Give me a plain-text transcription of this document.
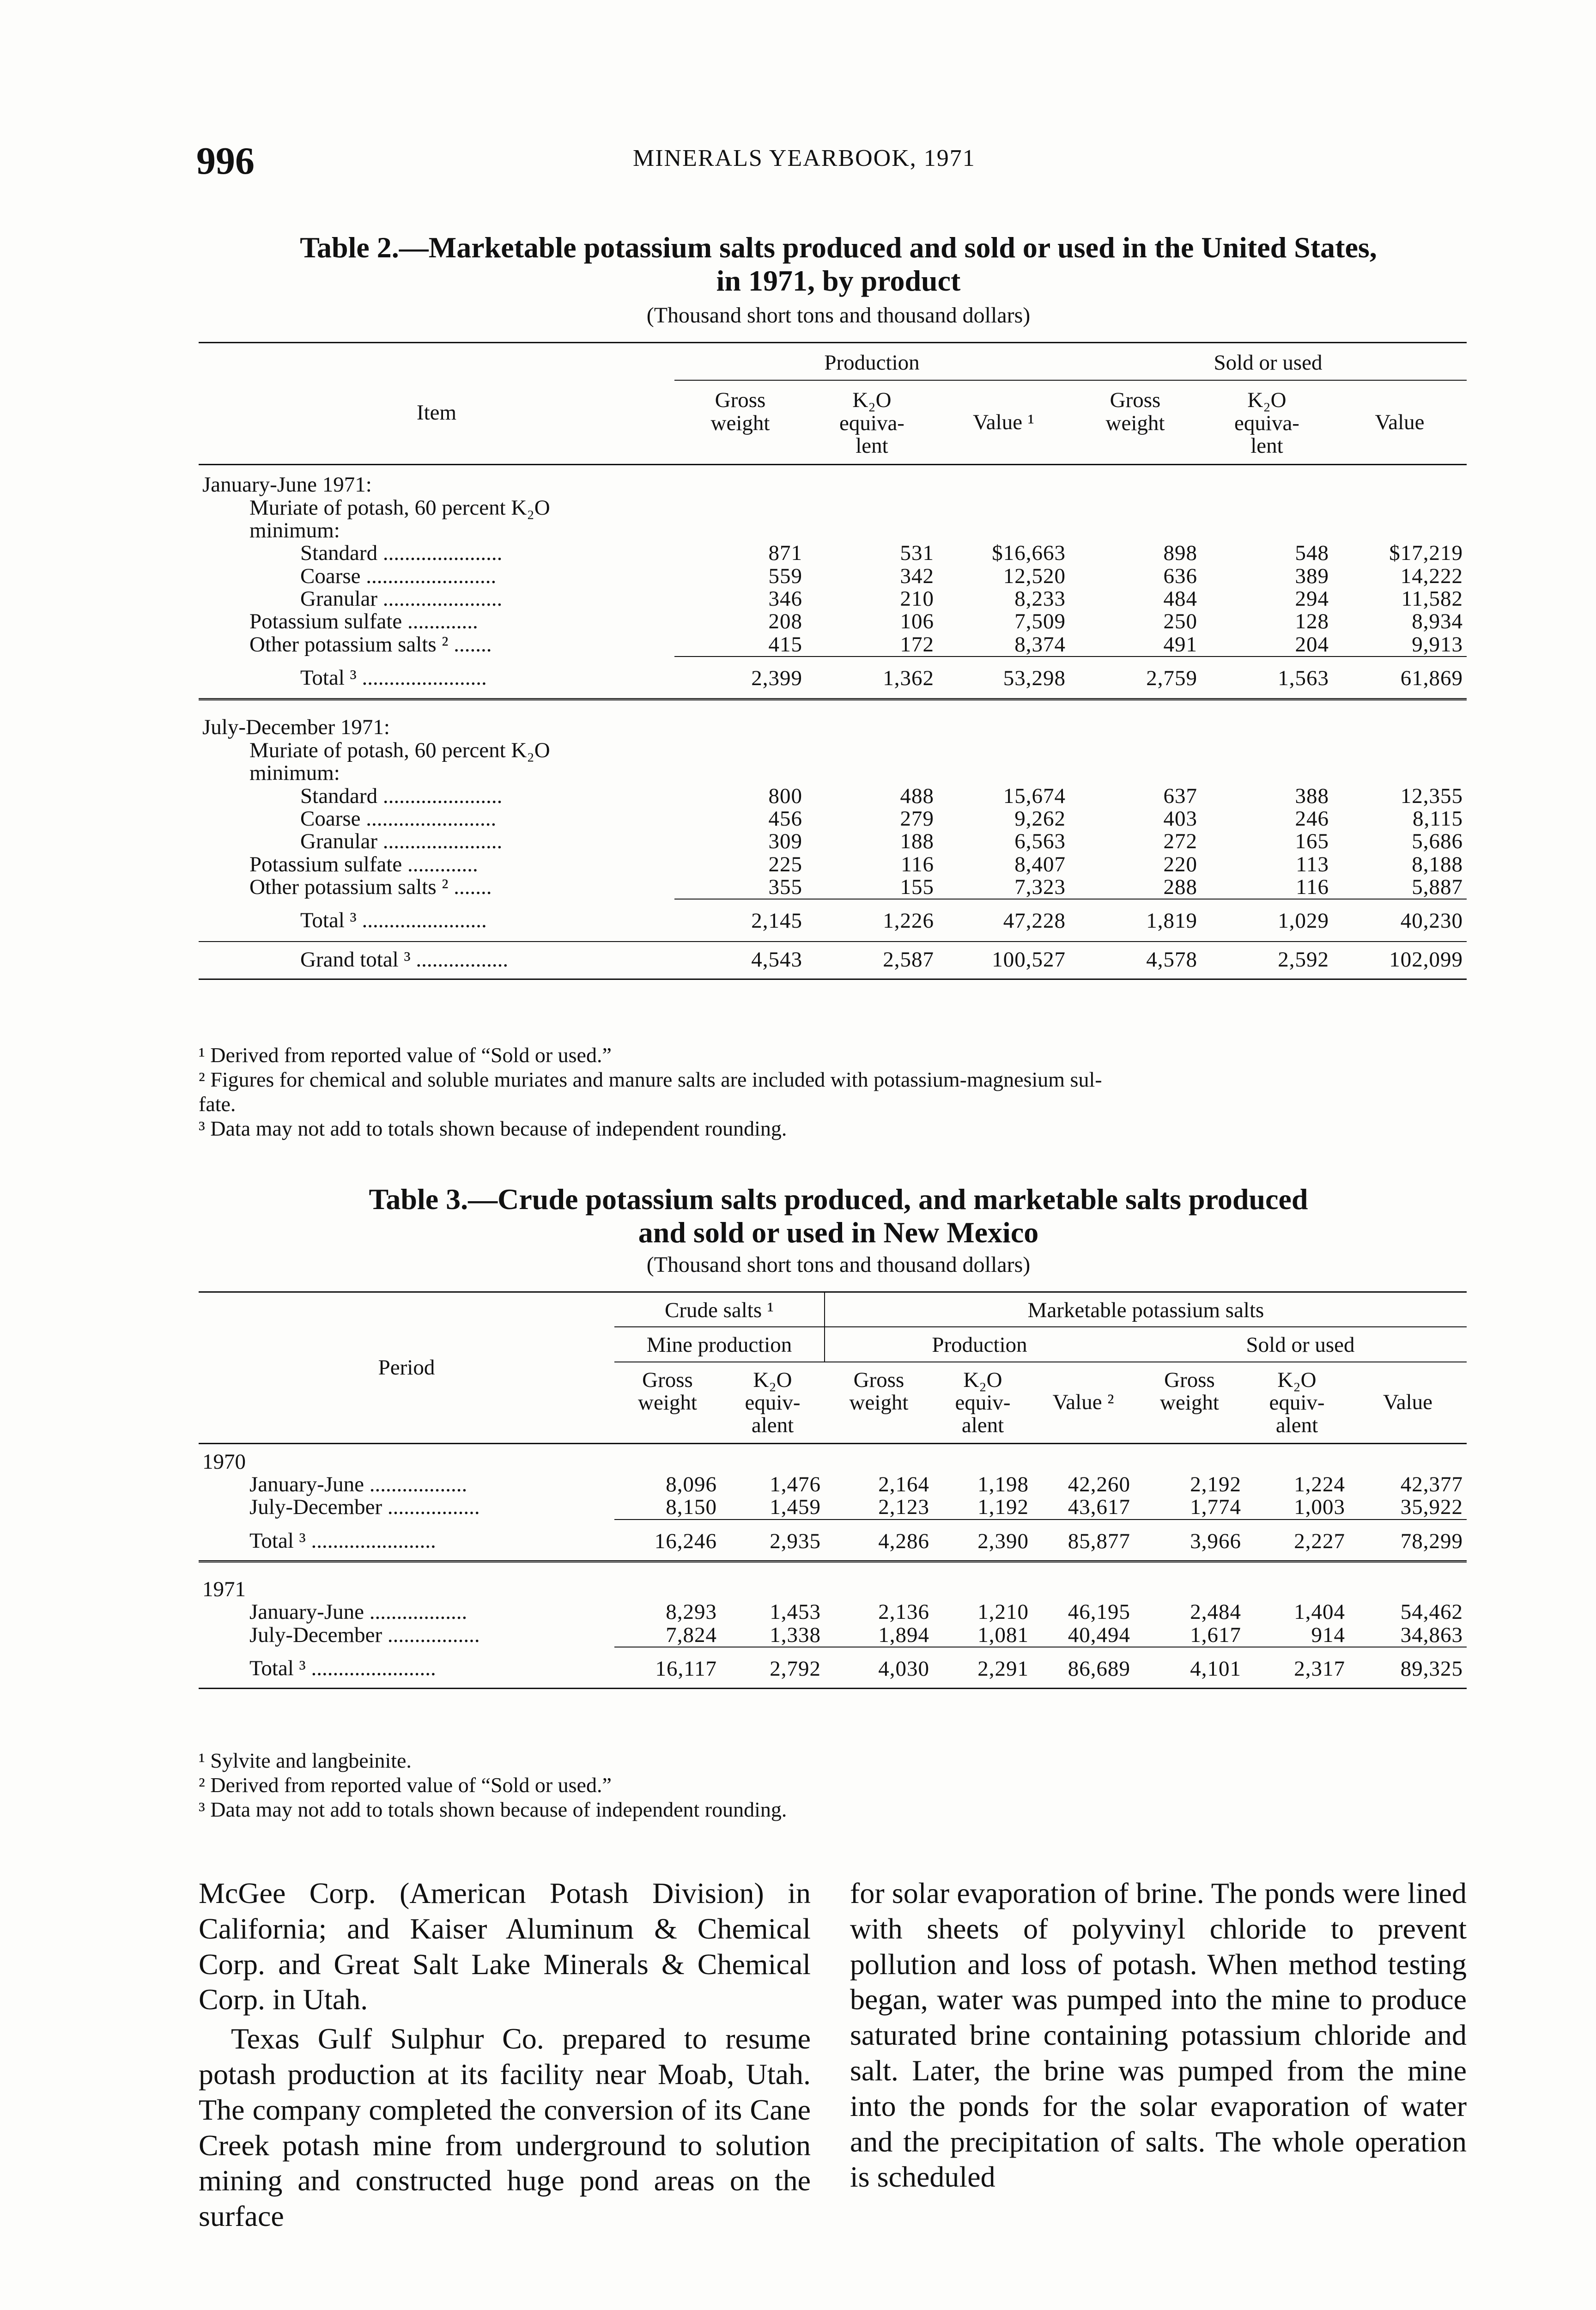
996	MINERALS YEARBOOK, 1971
Table 2.—Marketable potassium salts produced and sold or used in the United States,
in 1971, by product
(Thousand short tons and thousand dollars)
Item	Production			Sold or used		
	Gross weight	K₂O equiva- lent	Value ¹	Gross weight	K₂O equiva- lent	Value
January-June 1971:						
Muriate of potash, 60 percent K₂O						
minimum:						
Standard ......................	871	531	$16,663	898	548	$17,219
Coarse ........................	559	342	12,520	636	389	14,222
Granular ......................	346	210	8,233	484	294	11,582
Potassium sulfate .............	208	106	7,509	250	128	8,934
Other potassium salts ² .......	415	172	8,374	491	204	9,913
Total ³ .......................	2,399	1,362	53,298	2,759	1,563	61,869

July-December 1971:						
Muriate of potash, 60 percent K₂O						
minimum:						
Standard ......................	800	488	15,674	637	388	12,355
Coarse ........................	456	279	9,262	403	246	8,115
Granular ......................	309	188	6,563	272	165	5,686
Potassium sulfate .............	225	116	8,407	220	113	8,188
Other potassium salts ² .......	355	155	7,323	288	116	5,887
Total ³ .......................	2,145	1,226	47,228	1,819	1,029	40,230

Grand total ³ .................	4,543	2,587	100,527	4,578	2,592	102,099
¹ Derived from reported value of “Sold or used.”
² Figures for chemical and soluble muriates and manure salts are included with potassium-magnesium sul-
fate.
³ Data may not add to totals shown because of independent rounding.
Table 3.—Crude potassium salts produced, and marketable salts produced
and sold or used in New Mexico
(Thousand short tons and thousand dollars)
Period	Crude salts ¹		Marketable potassium salts					
	Mine production		Production			Sold or used		
	Gross weight	K₂O equiv- alent	Gross weight	K₂O equiv- alent	Value ²	Gross weight	K₂O equiv- alent	Value
1970								
January-June ..................	8,096	1,476	2,164	1,198	42,260	2,192	1,224	42,377
July-December .................	8,150	1,459	2,123	1,192	43,617	1,774	1,003	35,922
Total ³ .......................	16,246	2,935	4,286	2,390	85,877	3,966	2,227	78,299

1971								
January-June ..................	8,293	1,453	2,136	1,210	46,195	2,484	1,404	54,462
July-December .................	7,824	1,338	1,894	1,081	40,494	1,617	914	34,863
Total ³ .......................	16,117	2,792	4,030	2,291	86,689	4,101	2,317	89,325
¹ Sylvite and langbeinite.
² Derived from reported value of “Sold or used.”
³ Data may not add to totals shown because of independent rounding.

McGee Corp. (American Potash Division) in California; and Kaiser Aluminum & Chemical Corp. and Great Salt Lake Minerals & Chemical Corp. in Utah.

Texas Gulf Sulphur Co. prepared to resume potash production at its facility near Moab, Utah. The company completed the conversion of its Cane Creek potash mine from underground to solution mining and constructed huge pond areas on the surface

for solar evaporation of brine. The ponds were lined with sheets of polyvinyl chloride to prevent pollution and loss of potash. When method testing began, water was pumped into the mine to produce saturated brine containing potassium chloride and salt. Later, the brine was pumped from the mine into the ponds for the solar evaporation of water and the precipitation of salts. The whole operation is scheduled
